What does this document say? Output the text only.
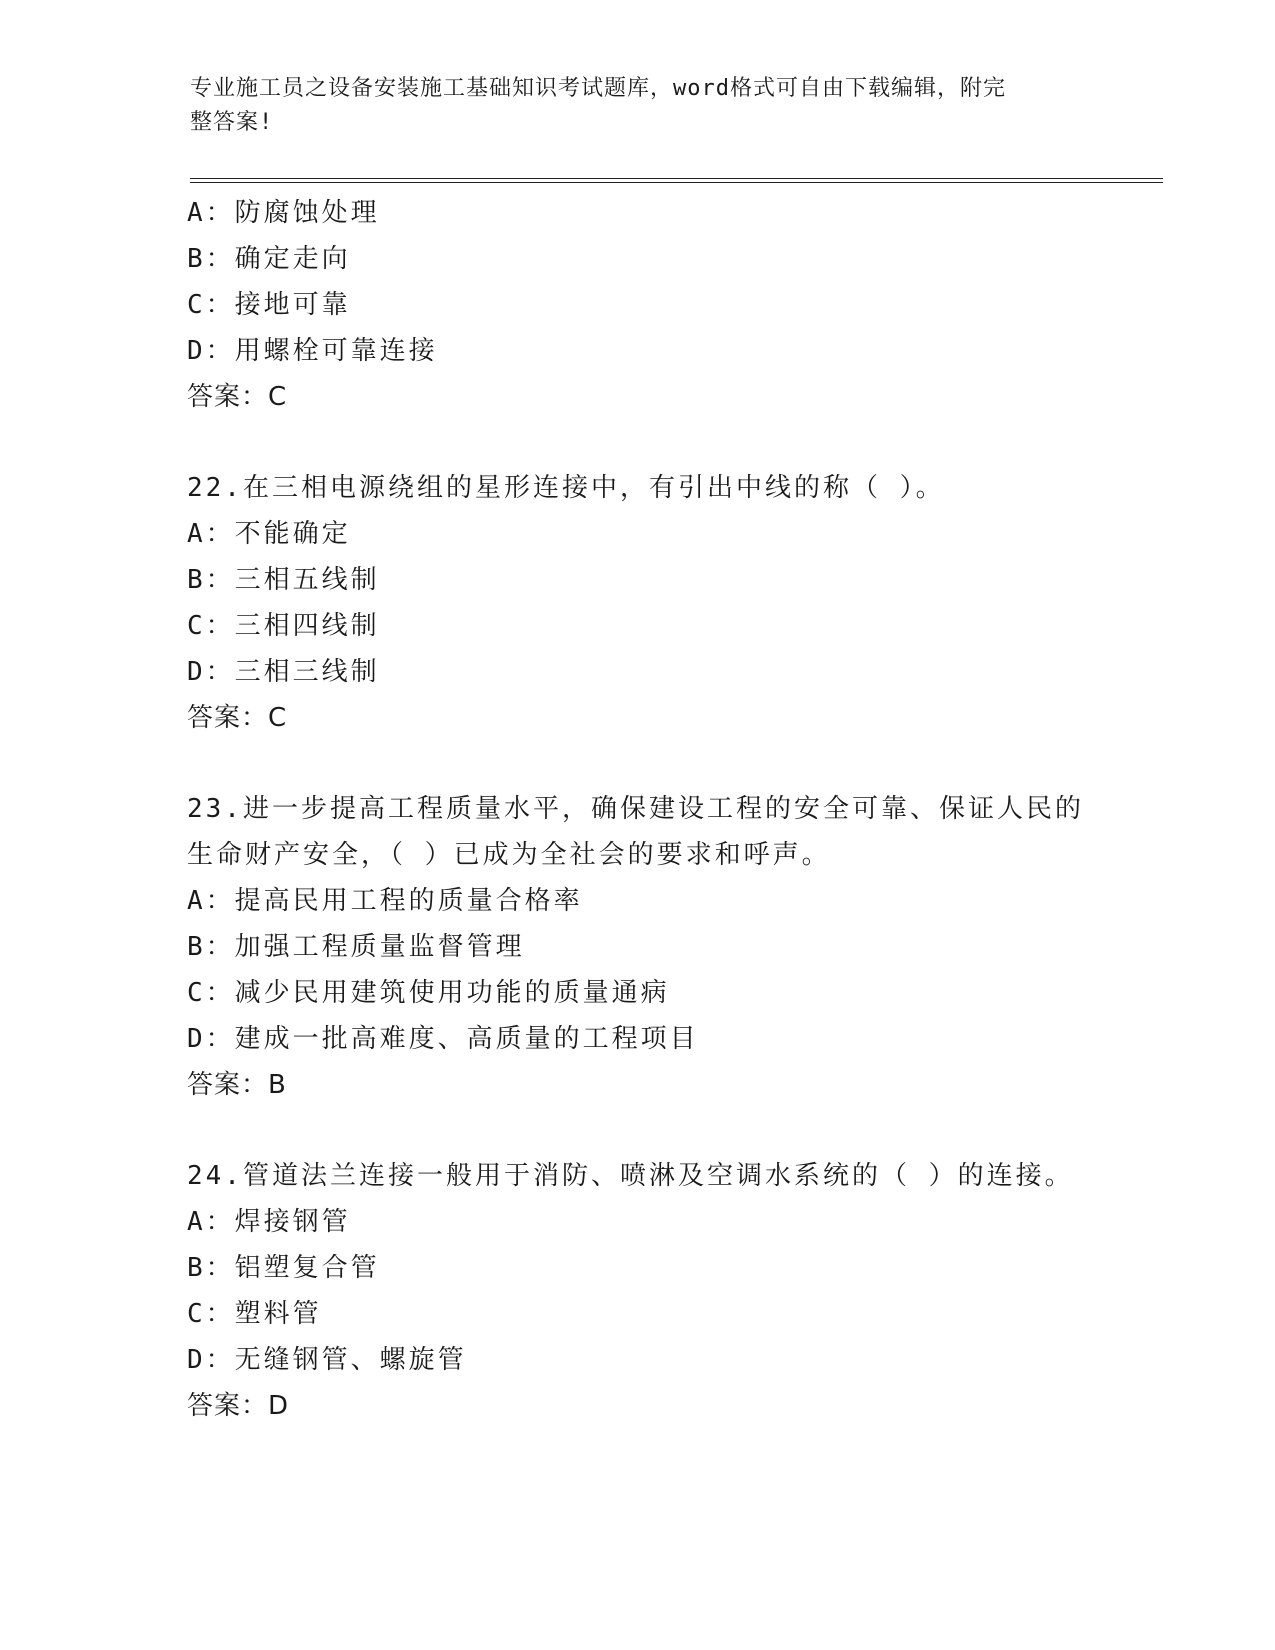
专业施工员之设备安装施工基础知识考试题库，word格式可自由下载编辑，附完
整答案!
A：防腐蚀处理
B：确定走向
C：接地可靠
D：用螺栓可靠连接
答案：C
22.在三相电源绕组的星形连接中，有引出中线的称（ ）。
A：不能确定
B：三相五线制
C：三相四线制
D：三相三线制
答案：C
23.进一步提高工程质量水平，确保建设工程的安全可靠、保证人民的
生命财产安全，（ ）已成为全社会的要求和呼声。
A：提高民用工程的质量合格率
B：加强工程质量监督管理
C：减少民用建筑使用功能的质量通病
D：建成一批高难度、高质量的工程项目
答案：B
24.管道法兰连接一般用于消防、喷淋及空调水系统的（ ）的连接。
A：焊接钢管
B：铝塑复合管
C：塑料管
D：无缝钢管、螺旋管
答案：D
